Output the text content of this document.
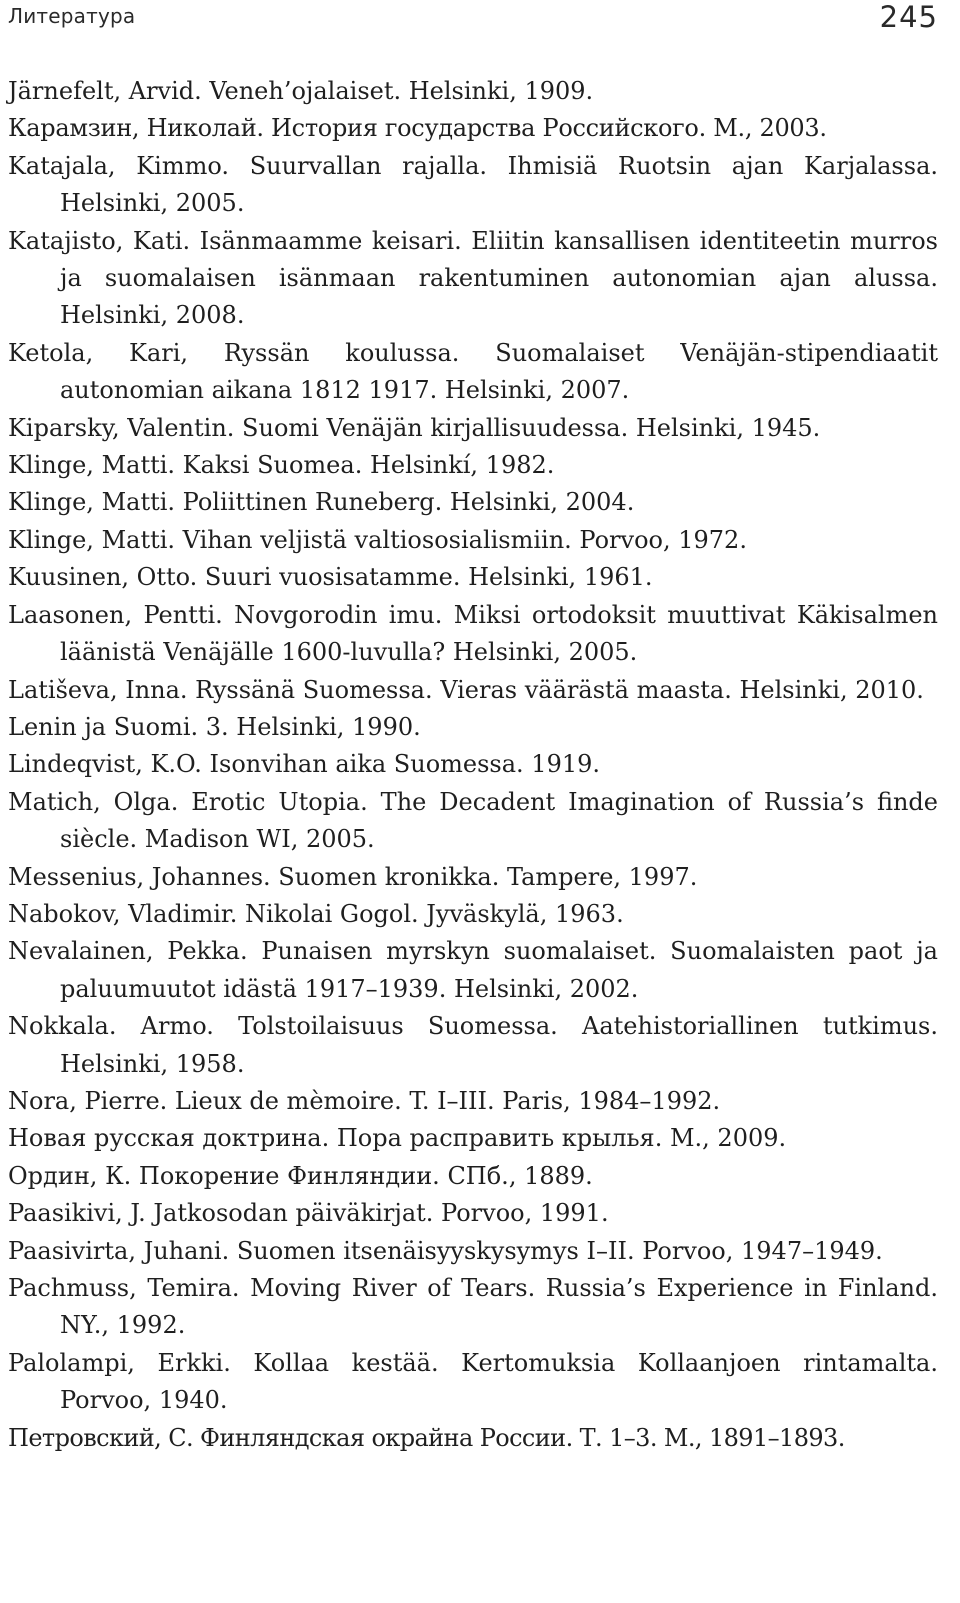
Литература	245
Järnefelt, Arvid. Veneh’ojalaiset. Helsinki, 1909.
Карамзин, Николай. История государства Российского. М., 2003.
Katajala, Kimmo. Suurvallan rajalla. Ihmisiä Ruotsin ajan Karjalassa. Helsinki, 2005.
Katajisto, Kati. Isänmaamme keisari. Eliitin kansallisen identiteetin murros ja suomalaisen isänmaan rakentuminen autonomian ajan alussa. Helsinki, 2008.
Ketola, Kari, Ryssän koulussa. Suomalaiset Venäjän-stipendiaatit autonomian aikana 1812 1917. Helsinki, 2007.
Kiparsky, Valentin. Suomi Venäjän kirjallisuudessa. Helsinki, 1945.
Klinge, Matti. Kaksi Suomea. Helsinkí, 1982.
Klinge, Matti. Poliittinen Runeberg. Helsinki, 2004.
Klinge, Matti. Vihan veljistä valtiososialismiin. Porvoo, 1972.
Kuusinen, Otto. Suuri vuosisatamme. Helsinki, 1961.
Laasonen, Pentti. Novgorodin imu. Miksi ortodoksit muuttivat Käkisalmen läänistä Venäjälle 1600-luvulla? Helsinki, 2005.
Latiševa, Inna. Ryssänä Suomessa. Vieras väärästä maasta. Helsinki, 2010.
Lenin ja Suomi. 3. Helsinki, 1990.
Lindeqvist, K.O. Isonvihan aika Suomessa. 1919.
Matich, Olga. Erotic Utopia. The Decadent Imagination of Russia’s finde siècle. Madison WI, 2005.
Messenius, Johannes. Suomen kronikka. Tampere, 1997.
Nabokov, Vladimir. Nikolai Gogol. Jyväskylä, 1963.
Nevalainen, Pekka. Punaisen myrskyn suomalaiset. Suomalaisten paot ja paluumuutot idästä 1917–1939. Helsinki, 2002.
Nokkala. Armo. Tolstoilaisuus Suomessa. Aatehistoriallinen tutkimus. Helsinki, 1958.
Nora, Pierre. Lieux de mèmoire. T. I–III. Paris, 1984–1992.
Новая русская доктрина. Пора расправить крылья. М., 2009.
Ордин, К. Покорение Финляндии. СПб., 1889.
Paasikivi, J. Jatkosodan päiväkirjat. Porvoo, 1991.
Paasivirta, Juhani. Suomen itsenäisyyskysymys I–II. Porvoo, 1947–1949.
Pachmuss, Temira. Moving River of Tears. Russia’s Experience in Finland. NY., 1992.
Palolampi, Erkki. Kollaa kestää. Kertomuksia Kollaanjoen rintamalta. Porvoo, 1940.
Петровский, С. Финляндская окрайна России. Т. 1–3. М., 1891–1893.
